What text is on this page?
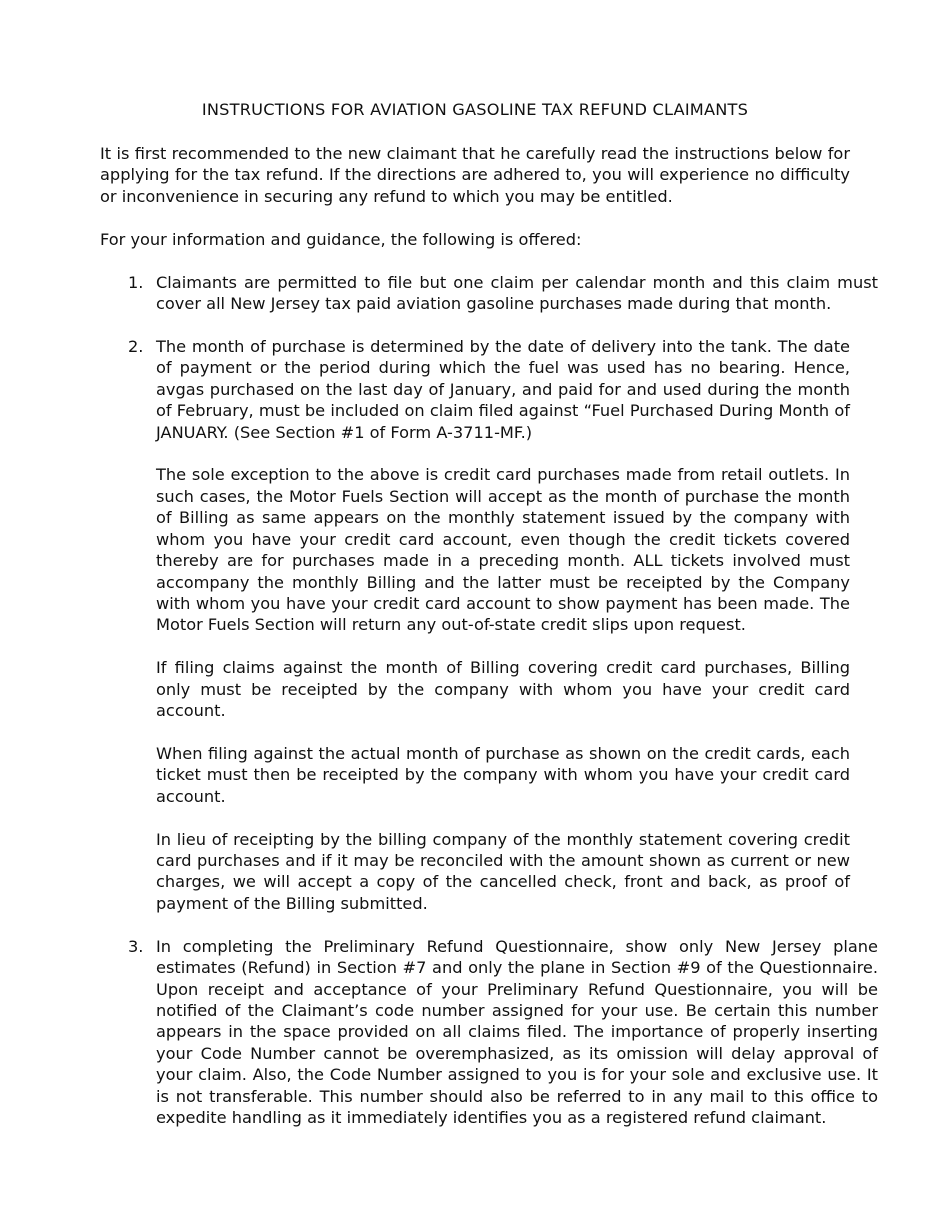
INSTRUCTIONS FOR AVIATION GASOLINE TAX REFUND CLAIMANTS

It is first recommended to the new claimant that he carefully read the instructions below for applying for the tax refund. If the directions are adhered to, you will experience no difficulty or inconvenience in securing any refund to which you may be entitled.

For your information and guidance, the following is offered:

1. Claimants are permitted to file but one claim per calendar month and this claim must cover all New Jersey tax paid aviation gasoline purchases made during that month.

2. The month of purchase is determined by the date of delivery into the tank. The date of payment or the period during which the fuel was used has no bearing. Hence, avgas purchased on the last day of January, and paid for and used during the month of February, must be included on claim filed against “Fuel Purchased During Month of JANUARY. (See Section #1 of Form A-3711-MF.)

The sole exception to the above is credit card purchases made from retail outlets. In such cases, the Motor Fuels Section will accept as the month of purchase the month of Billing as same appears on the monthly statement issued by the company with whom you have your credit card account, even though the credit tickets covered thereby are for purchases made in a preceding month. ALL tickets involved must accompany the monthly Billing and the latter must be receipted by the Company with whom you have your credit card account to show payment has been made. The Motor Fuels Section will return any out-of-state credit slips upon request.

If filing claims against the month of Billing covering credit card purchases, Billing only must be receipted by the company with whom you have your credit card account.

When filing against the actual month of purchase as shown on the credit cards, each ticket must then be receipted by the company with whom you have your credit card account.

In lieu of receipting by the billing company of the monthly statement covering credit card purchases and if it may be reconciled with the amount shown as current or new charges, we will accept a copy of the cancelled check, front and back, as proof of payment of the Billing submitted.

3. In completing the Preliminary Refund Questionnaire, show only New Jersey plane estimates (Refund) in Section #7 and only the plane in Section #9 of the Questionnaire. Upon receipt and acceptance of your Preliminary Refund Questionnaire, you will be notified of the Claimant’s code number assigned for your use. Be certain this number appears in the space provided on all claims filed. The importance of properly inserting your Code Number cannot be overemphasized, as its omission will delay approval of your claim. Also, the Code Number assigned to you is for your sole and exclusive use. It is not transferable. This number should also be referred to in any mail to this office to expedite handling as it immediately identifies you as a registered refund claimant.
